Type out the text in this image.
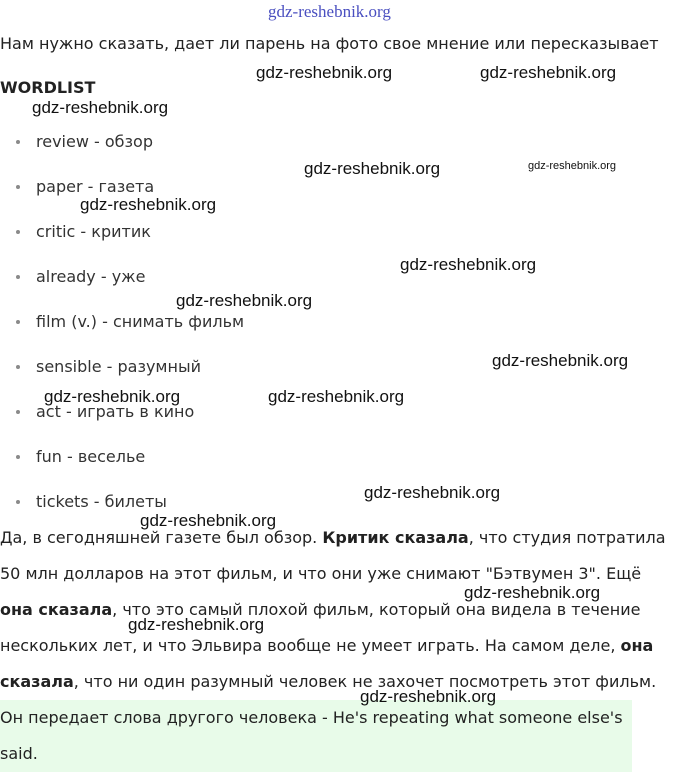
gdz-reshebnik.org
Нам нужно сказать, дает ли парень на фото свое мнение или пересказывает
WORDLIST
review - обзор
paper - газета
critic - критик
already - уже
film (v.) - снимать фильм
sensible - разумный
act - играть в кино
fun - веселье
tickets - билеты
Да, в сегодняшней газете был обзор. Критик сказала, что студия потратила 50 млн долларов на этот фильм, и что они уже снимают "Бэтвумен 3". Ещё она сказала, что это самый плохой фильм, который она видела в течение нескольких лет, и что Эльвира вообще не умеет играть. На самом деле, она сказала, что ни один разумный человек не захочет посмотреть этот фильм.

Он передает слова другого человека - He's repeating what someone else's said.

gdz-reshebnik.org	gdz-reshebnik.org
gdz-reshebnik.org
gdz-reshebnik.org	gdz-reshebnik.org
gdz-reshebnik.org
gdz-reshebnik.org
gdz-reshebnik.org
gdz-reshebnik.org
gdz-reshebnik.org	gdz-reshebnik.org
gdz-reshebnik.org
gdz-reshebnik.org
gdz-reshebnik.org
gdz-reshebnik.org
gdz-reshebnik.org
